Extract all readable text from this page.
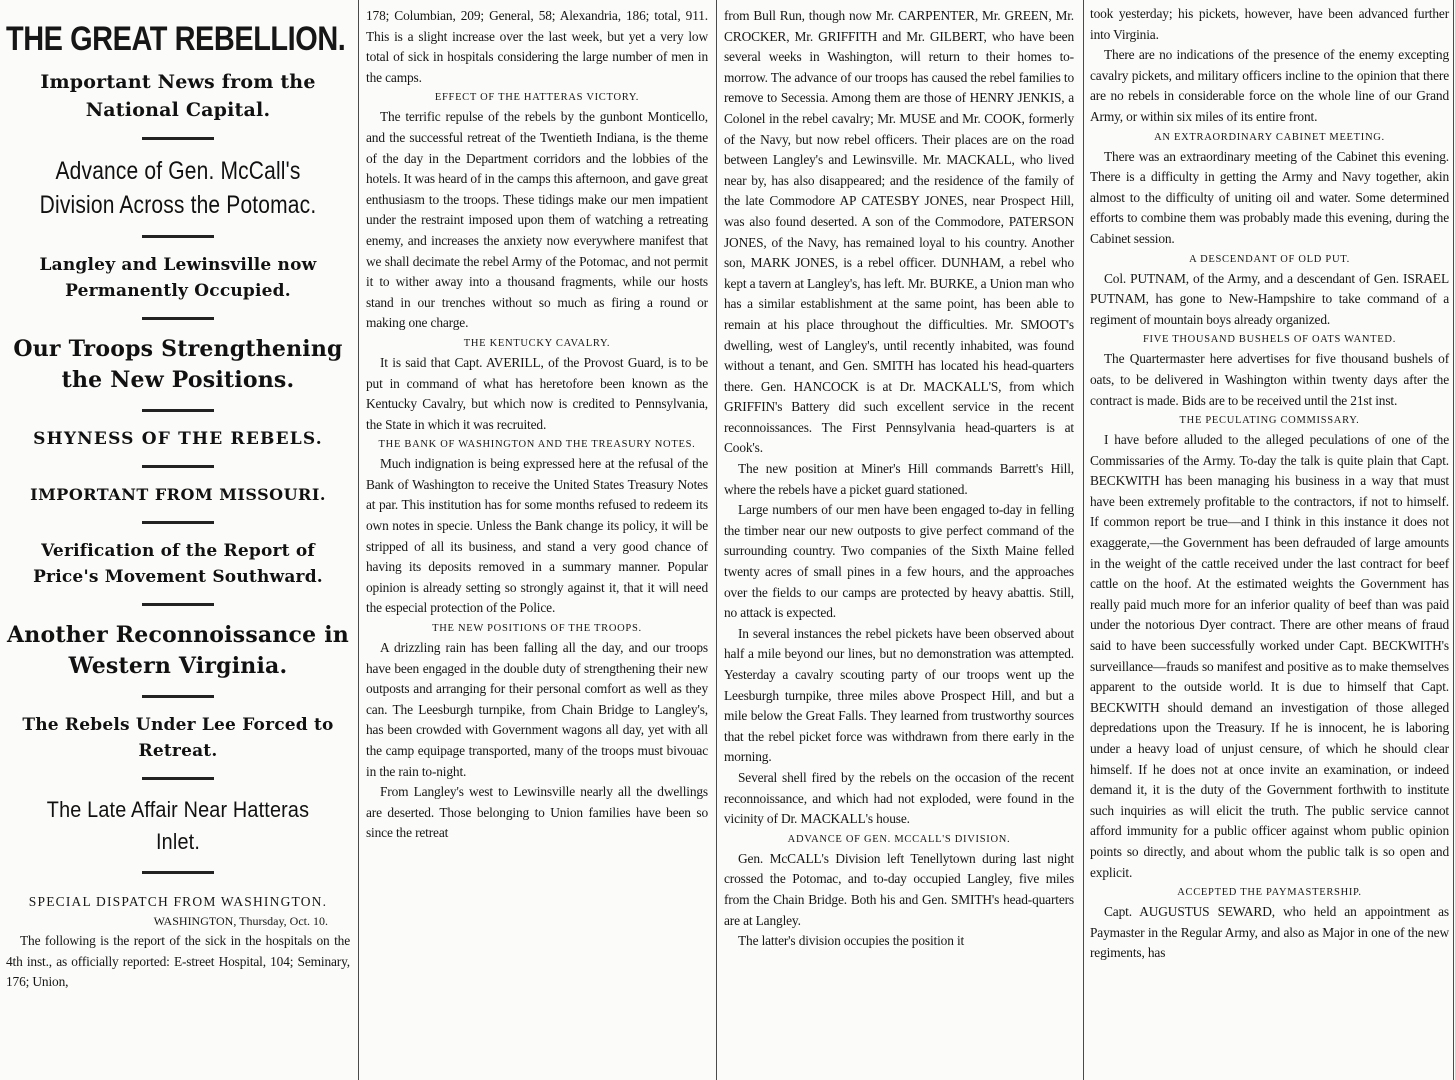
THE GREAT REBELLION.
Important News from the National Capital.
Advance of Gen. McCall's Division Across the Potomac.
Langley and Lewinsville now Permanently Occupied.
Our Troops Strengthening the New Positions.
SHYNESS OF THE REBELS.
IMPORTANT FROM MISSOURI.
Verification of the Report of Price's Movement Southward.
Another Reconnoissance in Western Virginia.
The Rebels Under Lee Forced to Retreat.
The Late Affair Near Hatteras Inlet.
SPECIAL DISPATCH FROM WASHINGTON.
WASHINGTON, Thursday, Oct. 10.

The following is the report of the sick in the hospitals on the 4th inst., as officially reported: E-street Hospital, 104; Seminary, 176; Union,

178; Columbian, 209; General, 58; Alexandria, 186; total, 911. This is a slight increase over the last week, but yet a very low total of sick in hospitals considering the large number of men in the camps.

EFFECT OF THE HATTERAS VICTORY.

The terrific repulse of the rebels by the gunbont Monticello, and the successful retreat of the Twentieth Indiana, is the theme of the day in the Department corridors and the lobbies of the hotels. It was heard of in the camps this afternoon, and gave great enthusiasm to the troops. These tidings make our men impatient under the restraint imposed upon them of watching a retreating enemy, and increases the anxiety now everywhere manifest that we shall decimate the rebel Army of the Potomac, and not permit it to wither away into a thousand fragments, while our hosts stand in our trenches without so much as firing a round or making one charge.

THE KENTUCKY CAVALRY.

It is said that Capt. AVERILL, of the Provost Guard, is to be put in command of what has heretofore been known as the Kentucky Cavalry, but which now is credited to Pennsylvania, the State in which it was recruited.

THE BANK OF WASHINGTON AND THE TREASURY NOTES.

Much indignation is being expressed here at the refusal of the Bank of Washington to receive the United States Treasury Notes at par. This institution has for some months refused to redeem its own notes in specie. Unless the Bank change its policy, it will be stripped of all its business, and stand a very good chance of having its deposits removed in a summary manner. Popular opinion is already setting so strongly against it, that it will need the especial protection of the Police.

THE NEW POSITIONS OF THE TROOPS.

A drizzling rain has been falling all the day, and our troops have been engaged in the double duty of strengthening their new outposts and arranging for their personal comfort as well as they can. The Leesburgh turnpike, from Chain Bridge to Langley's, has been crowded with Government wagons all day, yet with all the camp equipage transported, many of the troops must bivouac in the rain to-night.

From Langley's west to Lewinsville nearly all the dwellings are deserted. Those belonging to Union families have been so since the retreat

from Bull Run, though now Mr. CARPENTER, Mr. GREEN, Mr. CROCKER, Mr. GRIFFITH and Mr. GILBERT, who have been several weeks in Washington, will return to their homes to-morrow. The advance of our troops has caused the rebel families to remove to Secessia. Among them are those of HENRY JENKIS, a Colonel in the rebel cavalry; Mr. MUSE and Mr. COOK, formerly of the Navy, but now rebel officers. Their places are on the road between Langley's and Lewinsville. Mr. MACKALL, who lived near by, has also disappeared; and the residence of the family of the late Commodore AP CATESBY JONES, near Prospect Hill, was also found deserted. A son of the Commodore, PATERSON JONES, of the Navy, has remained loyal to his country. Another son, MARK JONES, is a rebel officer. DUNHAM, a rebel who kept a tavern at Langley's, has left. Mr. BURKE, a Union man who has a similar establishment at the same point, has been able to remain at his place throughout the difficulties. Mr. SMOOT's dwelling, west of Langley's, until recently inhabited, was found without a tenant, and Gen. SMITH has located his head-quarters there. Gen. HANCOCK is at Dr. MACKALL'S, from which GRIFFIN's Battery did such excellent service in the recent reconnoissances. The First Pennsylvania head-quarters is at Cook's.

The new position at Miner's Hill commands Barrett's Hill, where the rebels have a picket guard stationed.

Large numbers of our men have been engaged to-day in felling the timber near our new outposts to give perfect command of the surrounding country. Two companies of the Sixth Maine felled twenty acres of small pines in a few hours, and the approaches over the fields to our camps are protected by heavy abattis. Still, no attack is expected.

In several instances the rebel pickets have been observed about half a mile beyond our lines, but no demonstration was attempted. Yesterday a cavalry scouting party of our troops went up the Leesburgh turnpike, three miles above Prospect Hill, and but a mile below the Great Falls. They learned from trustworthy sources that the rebel picket force was withdrawn from there early in the morning.

Several shell fired by the rebels on the occasion of the recent reconnoissance, and which had not exploded, were found in the vicinity of Dr. MACKALL's house.

ADVANCE OF GEN. MCCALL'S DIVISION.

Gen. McCALL's Division left Tenellytown during last night crossed the Potomac, and to-day occupied Langley, five miles from the Chain Bridge. Both his and Gen. SMITH's head-quarters are at Langley.

The latter's division occupies the position it

took yesterday; his pickets, however, have been advanced further into Virginia.

There are no indications of the presence of the enemy excepting cavalry pickets, and military officers incline to the opinion that there are no rebels in considerable force on the whole line of our Grand Army, or within six miles of its entire front.

AN EXTRAORDINARY CABINET MEETING.

There was an extraordinary meeting of the Cabinet this evening. There is a difficulty in getting the Army and Navy together, akin almost to the difficulty of uniting oil and water. Some determined efforts to combine them was probably made this evening, during the Cabinet session.

A DESCENDANT OF OLD PUT.

Col. PUTNAM, of the Army, and a descendant of Gen. ISRAEL PUTNAM, has gone to New-Hampshire to take command of a regiment of mountain boys already organized.

FIVE THOUSAND BUSHELS OF OATS WANTED.

The Quartermaster here advertises for five thousand bushels of oats, to be delivered in Washington within twenty days after the contract is made. Bids are to be received until the 21st inst.

THE PECULATING COMMISSARY.

I have before alluded to the alleged peculations of one of the Commissaries of the Army. To-day the talk is quite plain that Capt. BECKWITH has been managing his business in a way that must have been extremely profitable to the contractors, if not to himself. If common report be true—and I think in this instance it does not exaggerate,—the Government has been defrauded of large amounts in the weight of the cattle received under the last contract for beef cattle on the hoof. At the estimated weights the Government has really paid much more for an inferior quality of beef than was paid under the notorious Dyer contract. There are other means of fraud said to have been successfully worked under Capt. BECKWITH's surveillance—frauds so manifest and positive as to make themselves apparent to the outside world. It is due to himself that Capt. BECKWITH should demand an investigation of those alleged depredations upon the Treasury. If he is innocent, he is laboring under a heavy load of unjust censure, of which he should clear himself. If he does not at once invite an examination, or indeed demand it, it is the duty of the Government forthwith to institute such inquiries as will elicit the truth. The public service cannot afford immunity for a public officer against whom public opinion points so directly, and about whom the public talk is so open and explicit.

ACCEPTED THE PAYMASTERSHIP.

Capt. AUGUSTUS SEWARD, who held an appointment as Paymaster in the Regular Army, and also as Major in one of the new regiments, has
